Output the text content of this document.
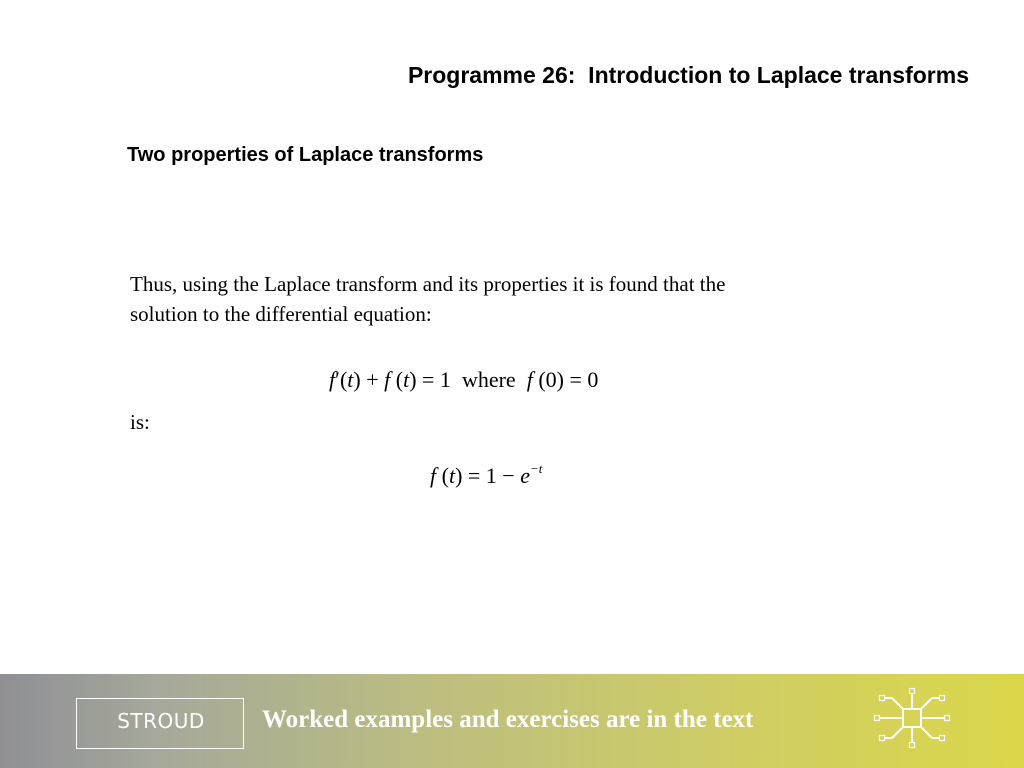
Programme 26:  Introduction to Laplace transforms
Two properties of Laplace transforms
Thus, using the Laplace transform and its properties it is found that the
solution to the differential equation:
f′(t) + f (t) = 1  where f (0) = 0
is:
f $(t) = 1 - e^{-t}$
STROUD	Worked examples and exercises are in the text
